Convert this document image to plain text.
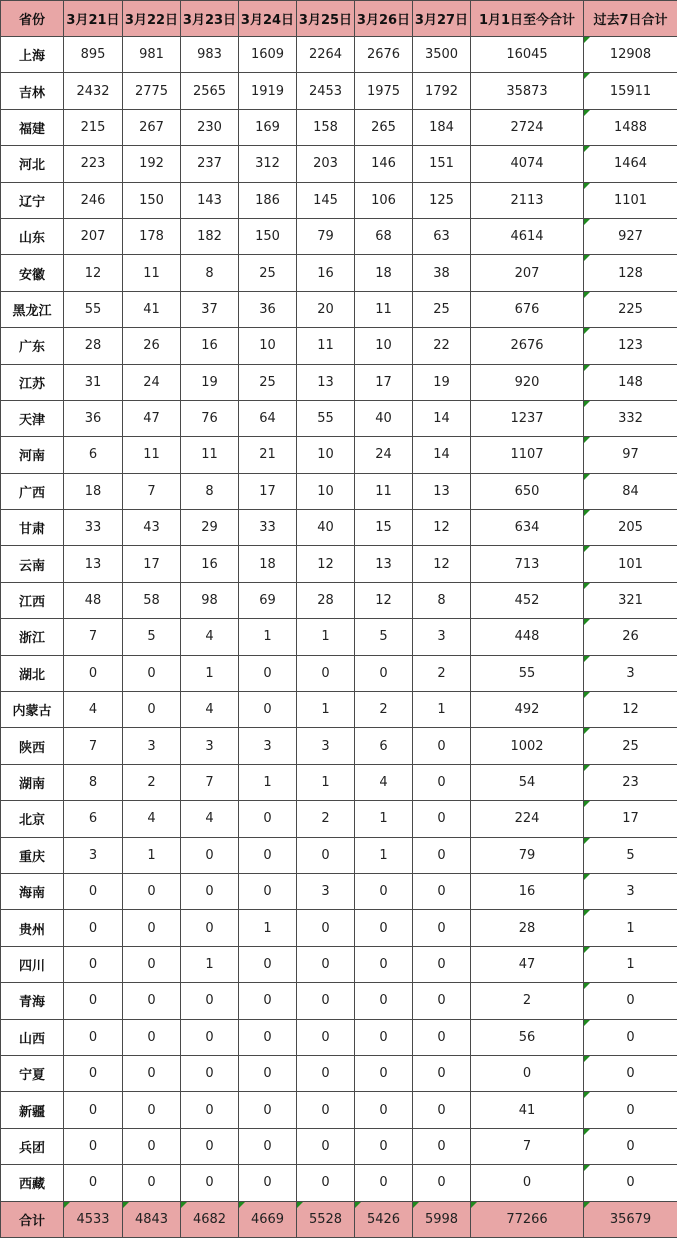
省份	3月21日	3月22日	3月23日	3月24日	3月25日	3月26日	3月27日	1月1日至今合计	过去7日合计
上海	895	981	983	1609	2264	2676	3500	16045	12908
吉林	2432	2775	2565	1919	2453	1975	1792	35873	15911
福建	215	267	230	169	158	265	184	2724	1488
河北	223	192	237	312	203	146	151	4074	1464
辽宁	246	150	143	186	145	106	125	2113	1101
山东	207	178	182	150	79	68	63	4614	927
安徽	12	11	8	25	16	18	38	207	128
黑龙江	55	41	37	36	20	11	25	676	225
广东	28	26	16	10	11	10	22	2676	123
江苏	31	24	19	25	13	17	19	920	148
天津	36	47	76	64	55	40	14	1237	332
河南	6	11	11	21	10	24	14	1107	97
广西	18	7	8	17	10	11	13	650	84
甘肃	33	43	29	33	40	15	12	634	205
云南	13	17	16	18	12	13	12	713	101
江西	48	58	98	69	28	12	8	452	321
浙江	7	5	4	1	1	5	3	448	26
湖北	0	0	1	0	0	0	2	55	3
内蒙古	4	0	4	0	1	2	1	492	12
陕西	7	3	3	3	3	6	0	1002	25
湖南	8	2	7	1	1	4	0	54	23
北京	6	4	4	0	2	1	0	224	17
重庆	3	1	0	0	0	1	0	79	5
海南	0	0	0	0	3	0	0	16	3
贵州	0	0	0	1	0	0	0	28	1
四川	0	0	1	0	0	0	0	47	1
青海	0	0	0	0	0	0	0	2	0
山西	0	0	0	0	0	0	0	56	0
宁夏	0	0	0	0	0	0	0	0	0
新疆	0	0	0	0	0	0	0	41	0
兵团	0	0	0	0	0	0	0	7	0
西藏	0	0	0	0	0	0	0	0	0
合计	4533	4843	4682	4669	5528	5426	5998	77266	35679
